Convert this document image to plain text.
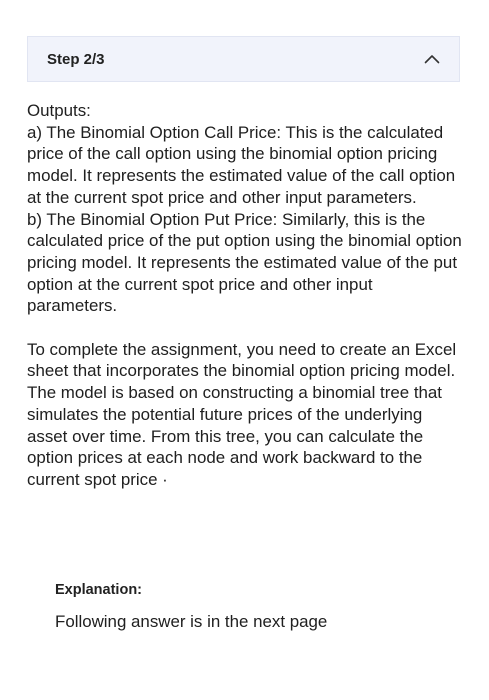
Step 2/3

Outputs:

a) The Binomial Option Call Price: This is the calculated price of the call option using the binomial option pricing model. It represents the estimated value of the call option at the current spot price and other input parameters.

b) The Binomial Option Put Price: Similarly, this is the calculated price of the put option using the binomial option pricing model. It represents the estimated value of the put option at the current spot price and other input parameters.

To complete the assignment, you need to create an Excel sheet that incorporates the binomial option pricing model. The model is based on constructing a binomial tree that simulates the potential future prices of the underlying asset over time. From this tree, you can calculate the option prices at each node and work backward to the current spot price ·

Explanation:

Following answer is in the next page
